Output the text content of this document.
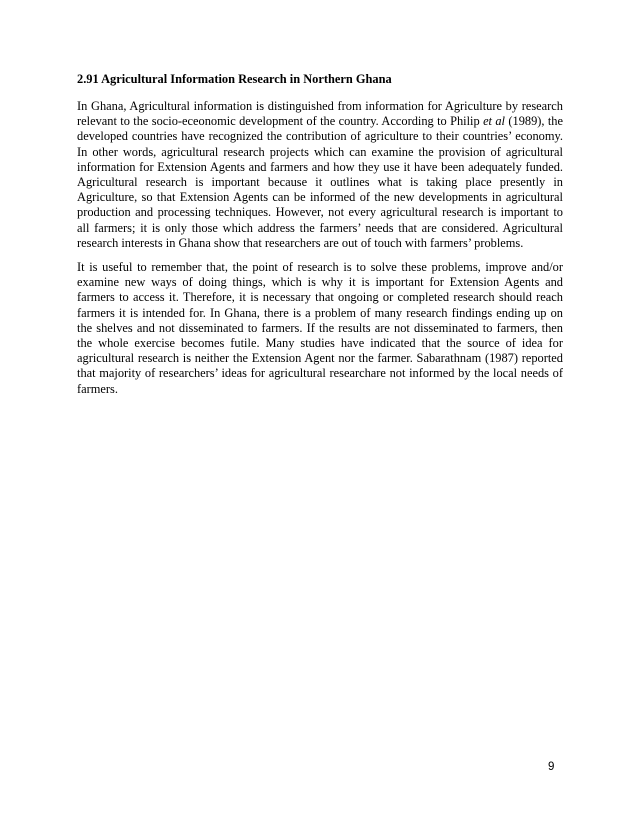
2.91 Agricultural Information Research in Northern Ghana

In Ghana, Agricultural information is distinguished from information for Agriculture by research relevant to the socio-eceonomic development of the country. According to Philip et al (1989), the developed countries have recognized the contribution of agriculture to their countries’ economy. In other words, agricultural research projects which can examine the provision of agricultural information for Extension Agents and farmers and how they use it have been adequately funded. Agricultural research is important because it outlines what is taking place presently in Agriculture, so that Extension Agents can be informed of the new developments in agricultural production and processing techniques. However, not every agricultural research is important to all farmers; it is only those which address the farmers’ needs that are considered. Agricultural research interests in Ghana show that researchers are out of touch with farmers’ problems.

It is useful to remember that, the point of research is to solve these problems, improve and/or examine new ways of doing things, which is why it is important for Extension Agents and farmers to access it. Therefore, it is necessary that ongoing or completed research should reach farmers it is intended for. In Ghana, there is a problem of many research findings ending up on the shelves and not disseminated to farmers. If the results are not disseminated to farmers, then the whole exercise becomes futile. Many studies have indicated that the source of idea for agricultural research is neither the Extension Agent nor the farmer. Sabarathnam (1987) reported that majority of researchers’ ideas for agricultural researchare not informed by the local needs of farmers.

9
